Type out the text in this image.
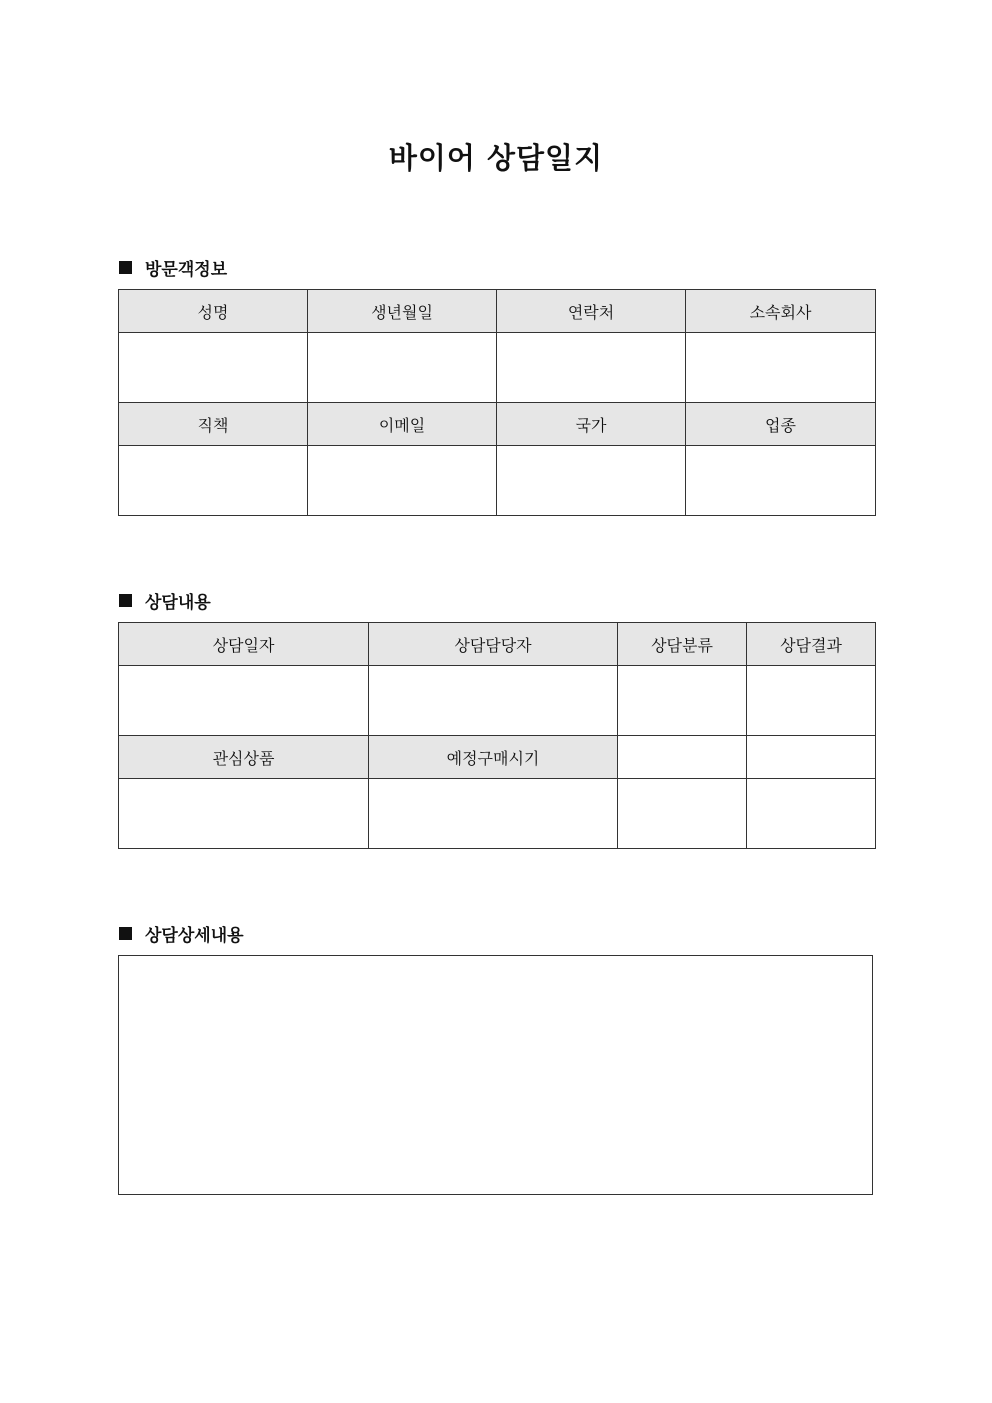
바이어 상담일지
방문객정보
성명	생년월일	연락처	소속회사

직책	이메일	국가	업종

상담내용
상담일자	상담담당자	상담분류	상담결과

관심상품	예정구매시기		

상담상세내용
